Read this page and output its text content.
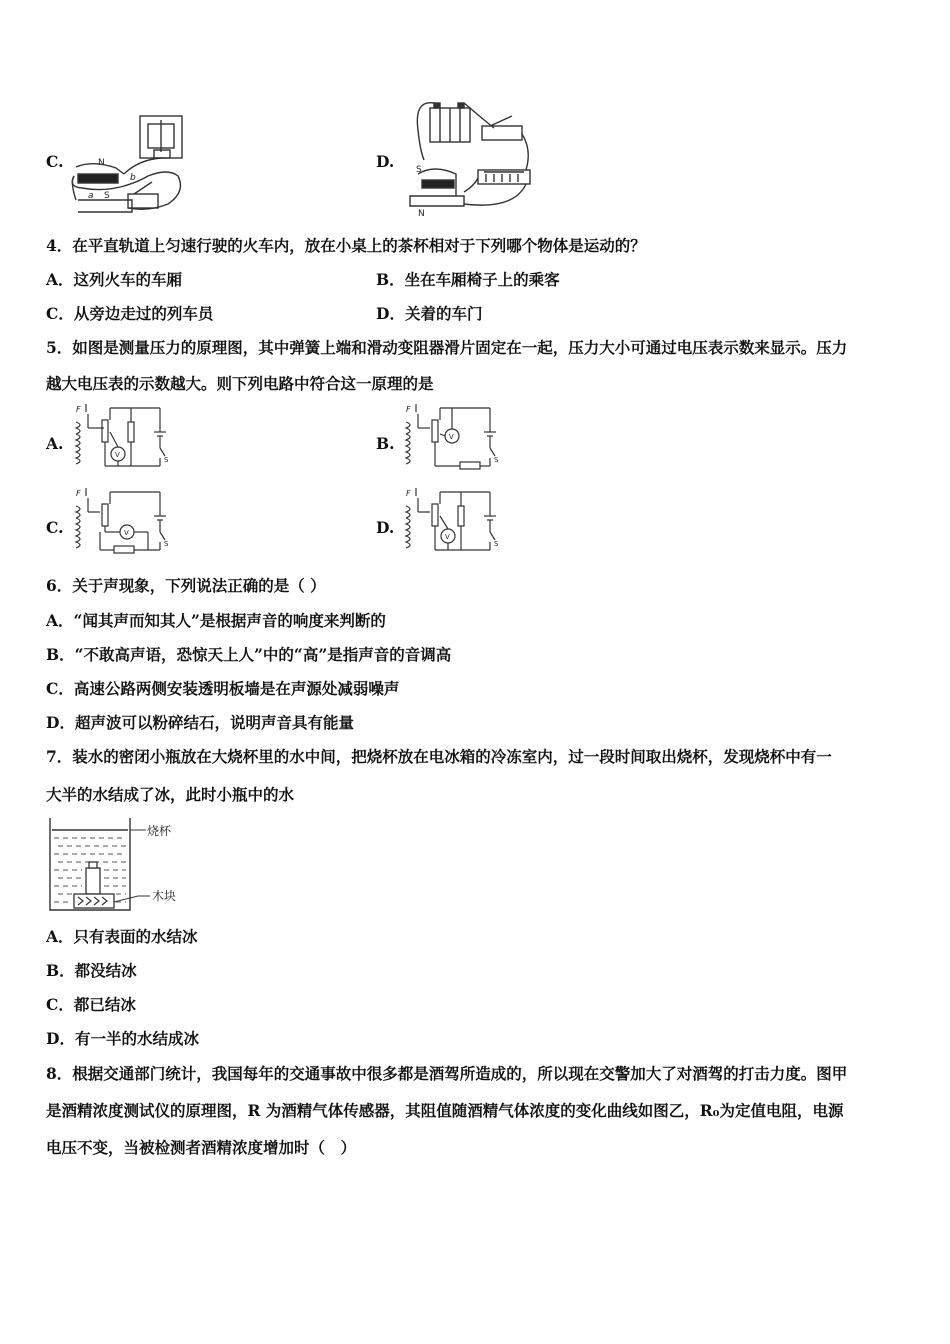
C.	N
a
b
S
D. S
N
4．在平直轨道上匀速行驶的火车内，放在小桌上的茶杯相对于下列哪个物体是运动的？
A．这列火车的车厢	B．坐在车厢椅子上的乘客
C．从旁边走过的列车员	D．关着的车门
5．如图是测量压力的原理图，其中弹簧上端和滑动变阻器滑片固定在一起，压力大小可通过电压表示数来显示。压力
越大电压表的示数越大。则下列电路中符合这一原理的是
A.
F
V
S
B.
F
V
S
C.
F
V
S
D.
F
V
S
6．关于声现象，下列说法正确的是（ ）
A．“闻其声而知其人”是根据声音的响度来判断的
B．“不敢高声语，恐惊天上人”中的“高”是指声音的音调高
C．高速公路两侧安装透明板墙是在声源处减弱噪声
D．超声波可以粉碎结石，说明声音具有能量
7．装水的密闭小瓶放在大烧杯里的水中间，把烧杯放在电冰箱的冷冻室内，过一段时间取出烧杯，发现烧杯中有一
大半的水结成了冰，此时小瓶中的水
烧杯
木块
A．只有表面的水结冰
B．都没结冰
C．都已结冰
D．有一半的水结成冰
8．根据交通部门统计，我国每年的交通事故中很多都是酒驾所造成的，所以现在交警加大了对酒驾的打击力度。图甲
是酒精浓度测试仪的原理图，R 为酒精气体传感器，其阻值随酒精气体浓度的变化曲线如图乙，R₀为定值电阻，电源
电压不变，当被检测者酒精浓度增加时（　）
